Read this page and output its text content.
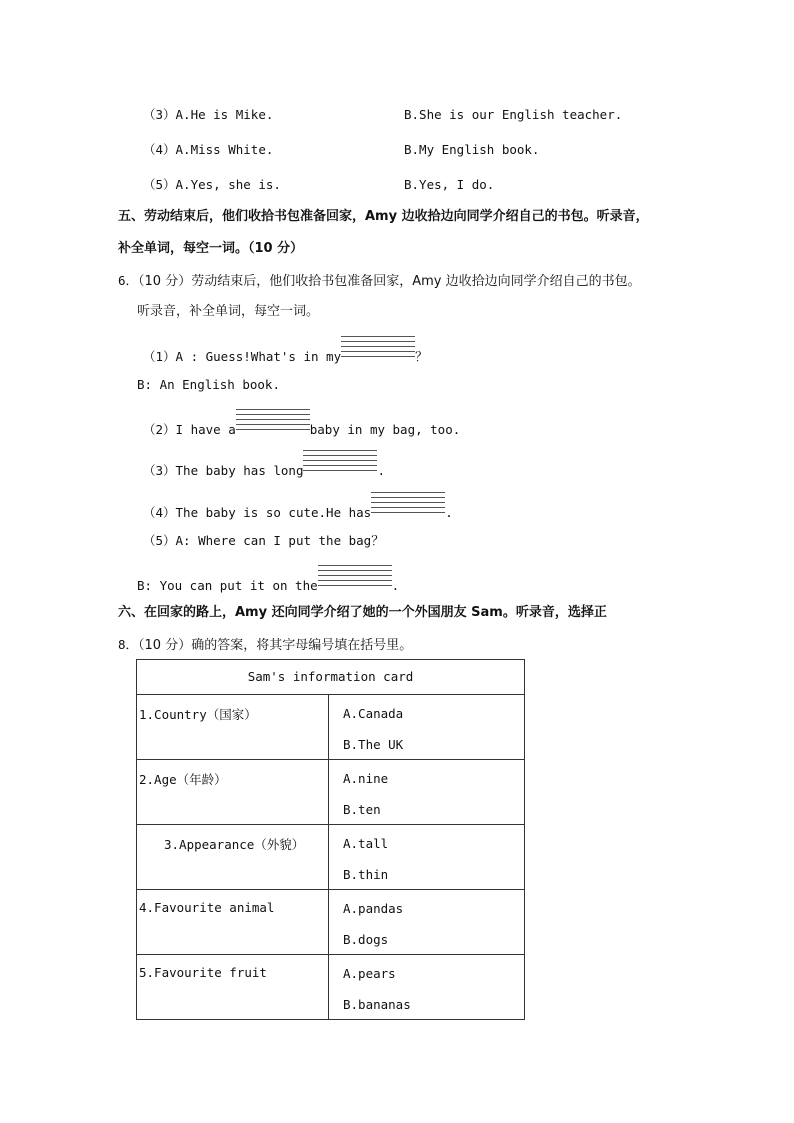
（3）A.He is Mike.	B.She is our English teacher.
（4）A.Miss White.	B.My English book.
（5）A.Yes, she is.	B.Yes, I do.
五、劳动结束后，他们收拾书包准备回家，Amy 边收拾边向同学介绍自己的书包。听录音，
补全单词，每空一词。（10 分）
6．（10 分）劳动结束后，他们收拾书包准备回家，Amy 边收拾边向同学介绍自己的书包。
听录音，补全单词，每空一词。
（1）A : Guess!What's in my	？
B: An English book.
（2）I have a	baby in my bag, too.
（3）The baby has long	.
（4）The baby is so cute.He has	.
（5）A: Where can I put the bag？
B: You can put it on the	.
六、在回家的路上，Amy 还向同学介绍了她的一个外国朋友 Sam。听录音，选择正
8．（10 分）确的答案，将其字母编号填在括号里。
Sam's information card	
1.Country（国家）	A.Canada
B.The UK

2.Age（年龄）	A.nine
B.ten

3.Appearance（外貌）	A.tall
B.thin

4.Favourite animal	A.pandas
B.dogs

5.Favourite fruit	A.pears
B.bananas
